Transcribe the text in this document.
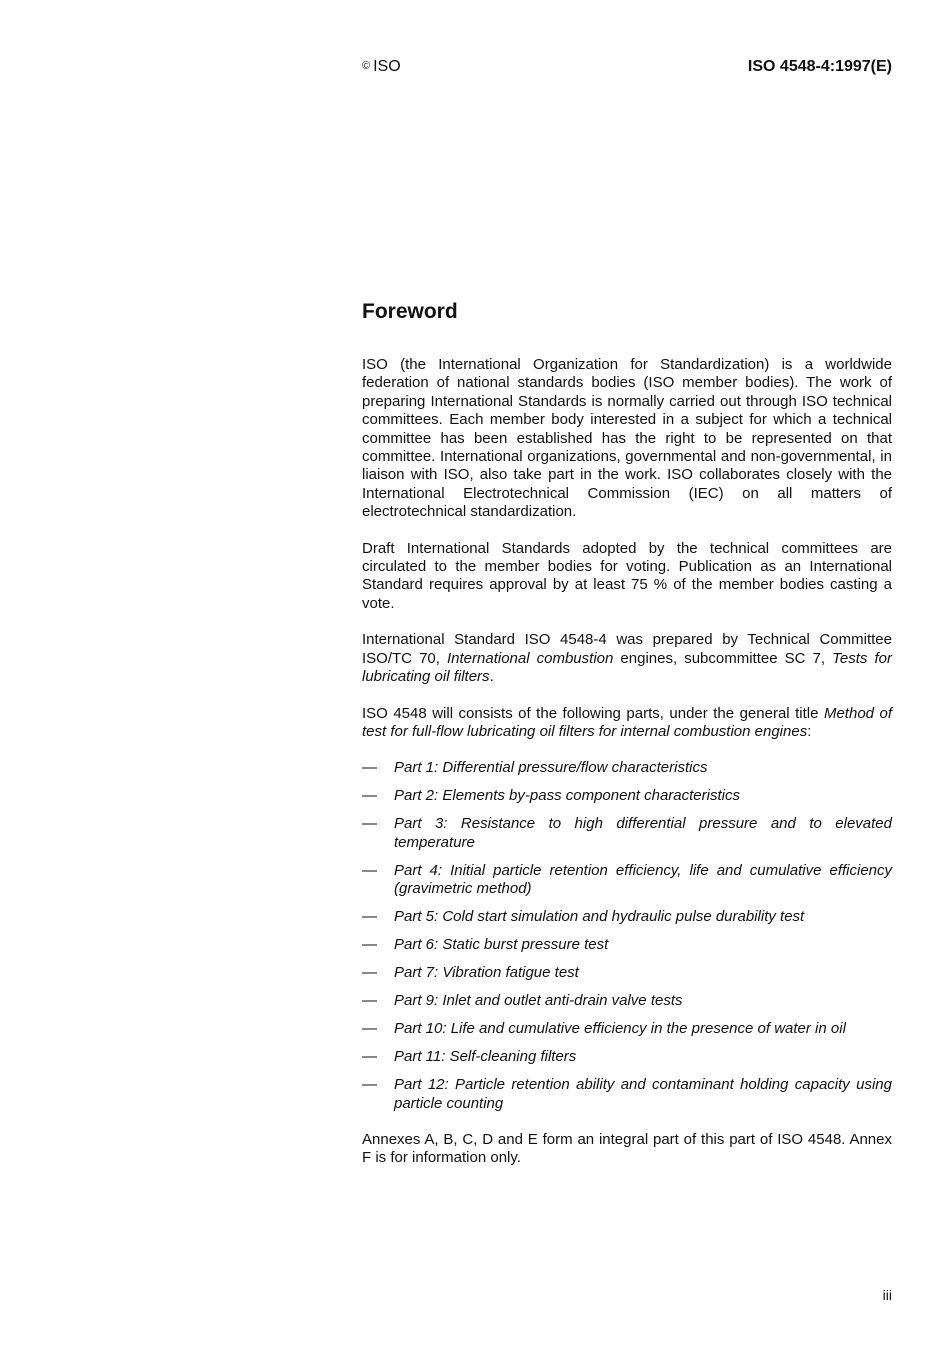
© ISO	ISO 4548-4:1997(E)
Foreword

ISO (the International Organization for Standardization) is a worldwide federation of national standards bodies (ISO member bodies). The work of preparing International Standards is normally carried out through ISO technical committees. Each member body interested in a subject for which a technical committee has been established has the right to be represented on that committee. International organizations, governmental and non-governmental, in liaison with ISO, also take part in the work. ISO collaborates closely with the International Electrotechnical Commission (IEC) on all matters of electrotechnical standardization.

Draft International Standards adopted by the technical committees are circulated to the member bodies for voting. Publication as an International Standard requires approval by at least 75 % of the member bodies casting a vote.

International Standard ISO 4548-4 was prepared by Technical Committee ISO/TC 70, International combustion engines, subcommittee SC 7, Tests for lubricating oil filters.

ISO 4548 will consists of the following parts, under the general title Method of test for full-flow lubricating oil filters for internal combustion engines:

— Part 1: Differential pressure/flow characteristics
— Part 2: Elements by-pass component characteristics
— Part 3: Resistance to high differential pressure and to elevated temperature
— Part 4: Initial particle retention efficiency, life and cumulative efficiency (gravimetric method)
— Part 5: Cold start simulation and hydraulic pulse durability test
— Part 6: Static burst pressure test
— Part 7: Vibration fatigue test
— Part 9: Inlet and outlet anti-drain valve tests
— Part 10: Life and cumulative efficiency in the presence of water in oil
— Part 11: Self-cleaning filters
— Part 12: Particle retention ability and contaminant holding capacity using particle counting

Annexes A, B, C, D and E form an integral part of this part of ISO 4548. Annex F is for information only.

iii
